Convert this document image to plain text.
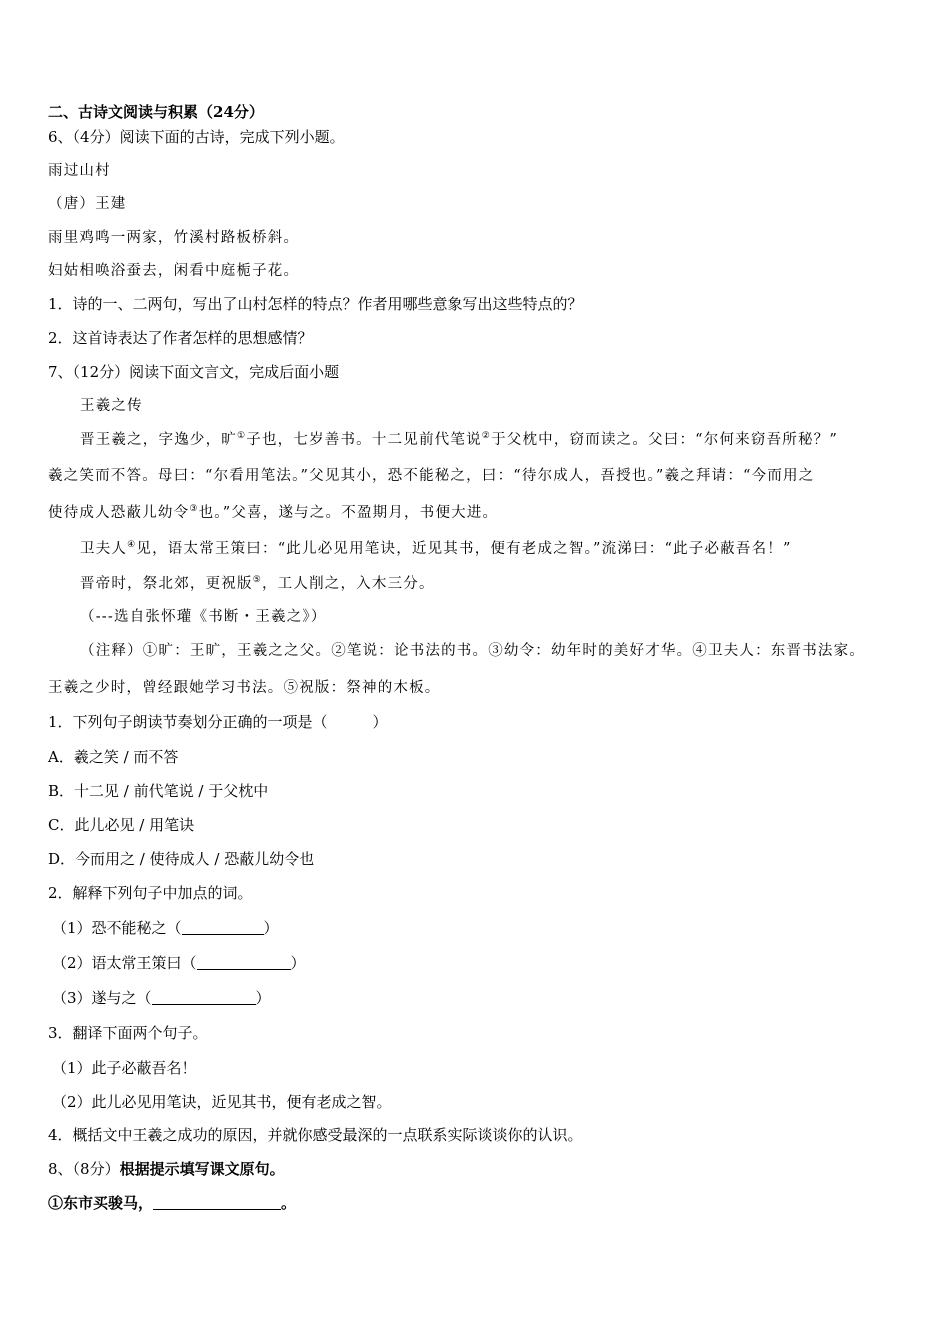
二、古诗文阅读与积累（24分）
6、（4分）阅读下面的古诗，完成下列小题。
雨过山村
（唐）王建
雨里鸡鸣一两家，竹溪村路板桥斜。
妇姑相唤浴蚕去，闲看中庭栀子花。
1．诗的一、二两句，写出了山村怎样的特点？作者用哪些意象写出这些特点的？
2．这首诗表达了作者怎样的思想感情？
7、（12分）阅读下面文言文，完成后面小题
王羲之传
晋王羲之，字逸少，旷①子也，七岁善书。十二见前代笔说②于父枕中，窃而读之。父曰：“尔何来窃吾所秘？”
羲之笑而不答。母曰：“尔看用笔法。”父见其小，恐不能秘之，曰：“待尔成人，吾授也。”羲之拜请：“今而用之
使待成人恐蔽儿幼令③也。”父喜，遂与之。不盈期月，书便大进。
卫夫人④见，语太常王策曰：“此儿必见用笔诀，近见其书，便有老成之智。”流涕曰：“此子必蔽吾名！”
晋帝时，祭北郊，更祝版⑤，工人削之，入木三分。
（---选自张怀瓘《书断・王羲之》）
（注释）①旷：王旷，王羲之之父。②笔说：论书法的书。③幼令：幼年时的美好才华。④卫夫人：东晋书法家。
王羲之少时，曾经跟她学习书法。⑤祝版：祭神的木板。
1．下列句子朗读节奏划分正确的一项是（　　　）
A．羲之笑 / 而不答
B．十二见 / 前代笔说 / 于父枕中
C．此儿必见 / 用笔诀
D．今而用之 / 使待成人 / 恐蔽儿幼令也
2．解释下列句子中加点的词。
（1）恐不能秘之（	）
（2）语太常王策曰（	）
（3）遂与之（	）
3．翻译下面两个句子。
（1）此子必蔽吾名！
（2）此儿必见用笔诀，近见其书，便有老成之智。
4．概括文中王羲之成功的原因，并就你感受最深的一点联系实际谈谈你的认识。
8、（8分）根据提示填写课文原句。
①东市买骏马，	。
